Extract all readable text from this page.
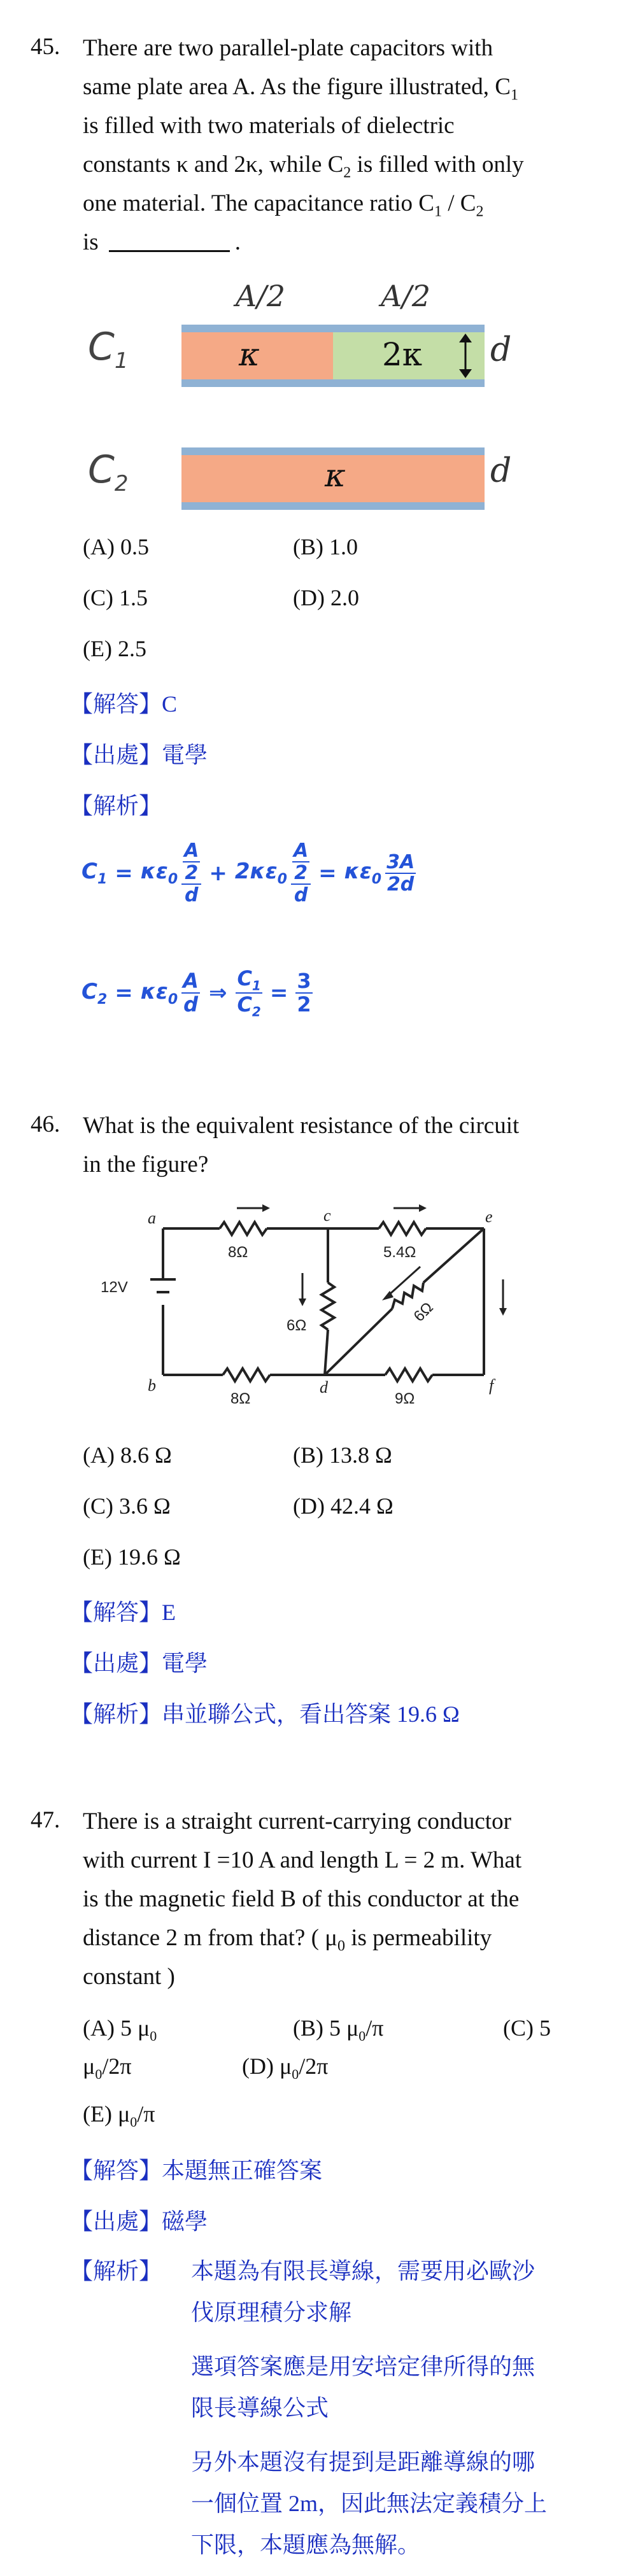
45. There are two parallel-plate capacitors with
same plate area A. As the figure illustrated, $C_1$
is filled with two materials of dielectric
constants κ and 2κ, while $C_2$ is filled with only
one material. The capacitance ratio $C_1 / C_2$
is	.
A/2	A/2
$C_1$	κ	2κ d
$C_2$	κ	d
(A) 0.5	(B) 1.0
(C) 1.5	(D) 2.0
(E) 2.5
【解答】C
【出處】電學
【解析】
$C_1 = \kappa\varepsilon_0 \frac{\frac{A}{2}}{d} + 2\kappa\varepsilon_0 \frac{\frac{A}{2}}{d} = \kappa\varepsilon_0 \frac{3A}{2d}$
$C_2 = \kappa\varepsilon_0 \frac{A}{d}$ ⇒ $\frac{C_1}{C_2} = \frac{3}{2}$
46. What is the equivalent resistance of the circuit
in the figure?
a
b
c
d
e
f
8Ω	5.4Ω
6Ω
6Ω
8Ω	9Ω
12V
(A) 8.6 Ω	(B) 13.8 Ω
(C) 3.6 Ω	(D) 42.4 Ω
(E) 19.6 Ω
【解答】E
【出處】電學
【解析】串並聯公式，看出答案 19.6 Ω
47. There is a straight current-carrying conductor
with current I =10 A and length L = 2 m. What
is the magnetic field B of this conductor at the
distance 2 m from that? ( $\mu_0$ is permeability
constant )
(A) 5 $\mu_0$	(B) 5 $\mu_0/\pi$	(C) 5
$\mu_0/2\pi$	(D) $\mu_0/2\pi$
(E) $\mu_0/\pi$
【解答】本題無正確答案
【出處】磁學
【解析】 本題為有限長導線，需要用必歐沙
伐原理積分求解
選項答案應是用安培定律所得的無
限長導線公式
另外本題沒有提到是距離導線的哪
一個位置 2m，因此無法定義積分上
下限，本題應為無解。
